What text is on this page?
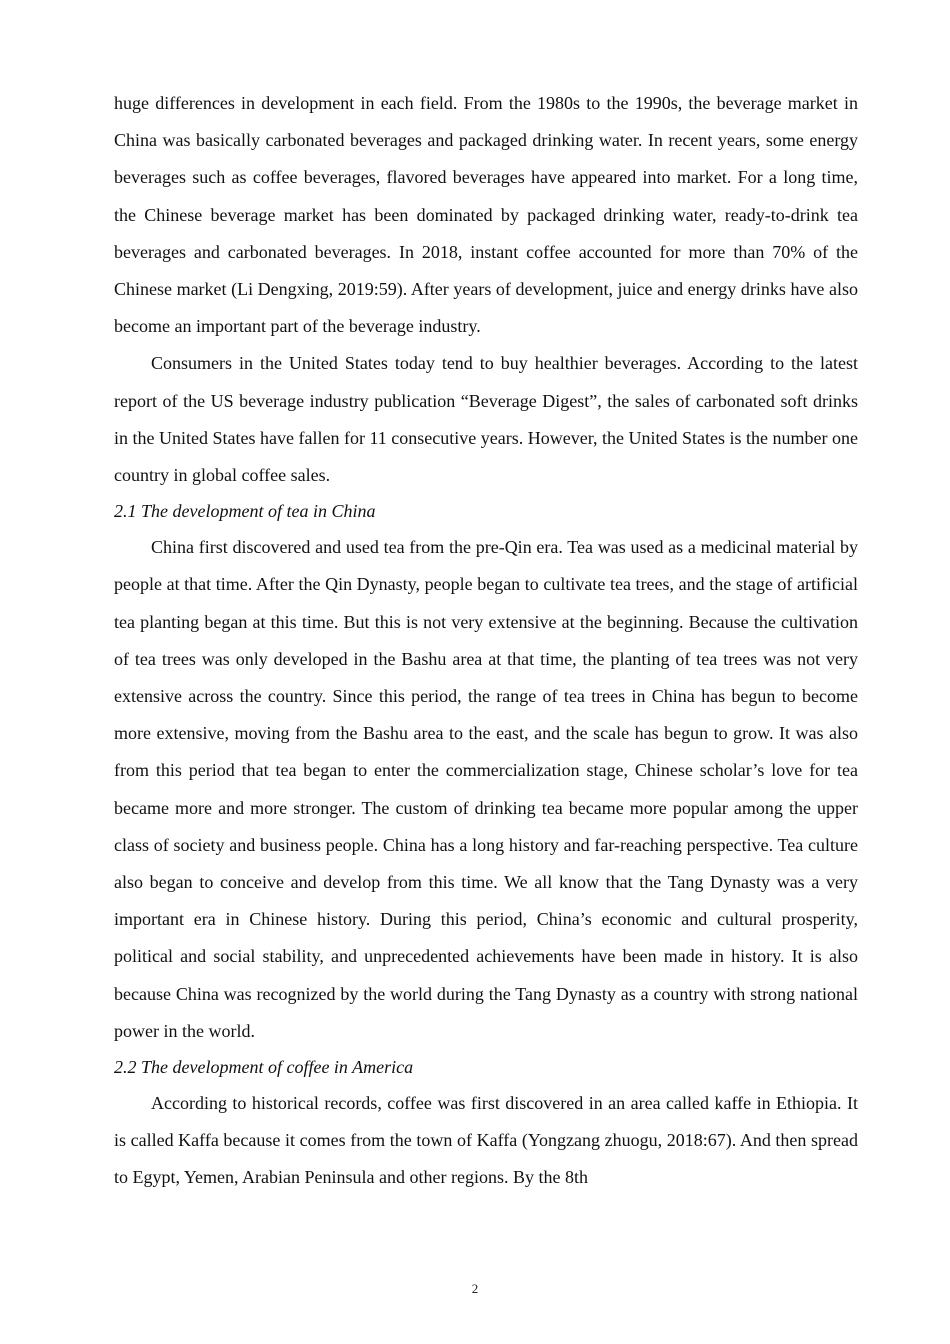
huge differences in development in each field. From the 1980s to the 1990s, the beverage market in China was basically carbonated beverages and packaged drinking water. In recent years, some energy beverages such as coffee beverages, flavored beverages have appeared into market. For a long time, the Chinese beverage market has been dominated by packaged drinking water, ready-to-drink tea beverages and carbonated beverages. In 2018, instant coffee accounted for more than 70% of the Chinese market (Li Dengxing, 2019:59). After years of development, juice and energy drinks have also become an important part of the beverage industry.

Consumers in the United States today tend to buy healthier beverages. According to the latest report of the US beverage industry publication “Beverage Digest”, the sales of carbonated soft drinks in the United States have fallen for 11 consecutive years. However, the United States is the number one country in global coffee sales.

2.1 The development of tea in China

China first discovered and used tea from the pre-Qin era. Tea was used as a medicinal material by people at that time. After the Qin Dynasty, people began to cultivate tea trees, and the stage of artificial tea planting began at this time. But this is not very extensive at the beginning. Because the cultivation of tea trees was only developed in the Bashu area at that time, the planting of tea trees was not very extensive across the country. Since this period, the range of tea trees in China has begun to become more extensive, moving from the Bashu area to the east, and the scale has begun to grow. It was also from this period that tea began to enter the commercialization stage, Chinese scholar’s love for tea became more and more stronger. The custom of drinking tea became more popular among the upper class of society and business people. China has a long history and far-reaching perspective. Tea culture also began to conceive and develop from this time. We all know that the Tang Dynasty was a very important era in Chinese history. During this period, China’s economic and cultural prosperity, political and social stability, and unprecedented achievements have been made in history. It is also because China was recognized by the world during the Tang Dynasty as a country with strong national power in the world.

2.2 The development of coffee in America

According to historical records, coffee was first discovered in an area called kaffe in Ethiopia. It is called Kaffa because it comes from the town of Kaffa (Yongzang zhuogu, 2018:67). And then spread to Egypt, Yemen, Arabian Peninsula and other regions. By the 8th

2
